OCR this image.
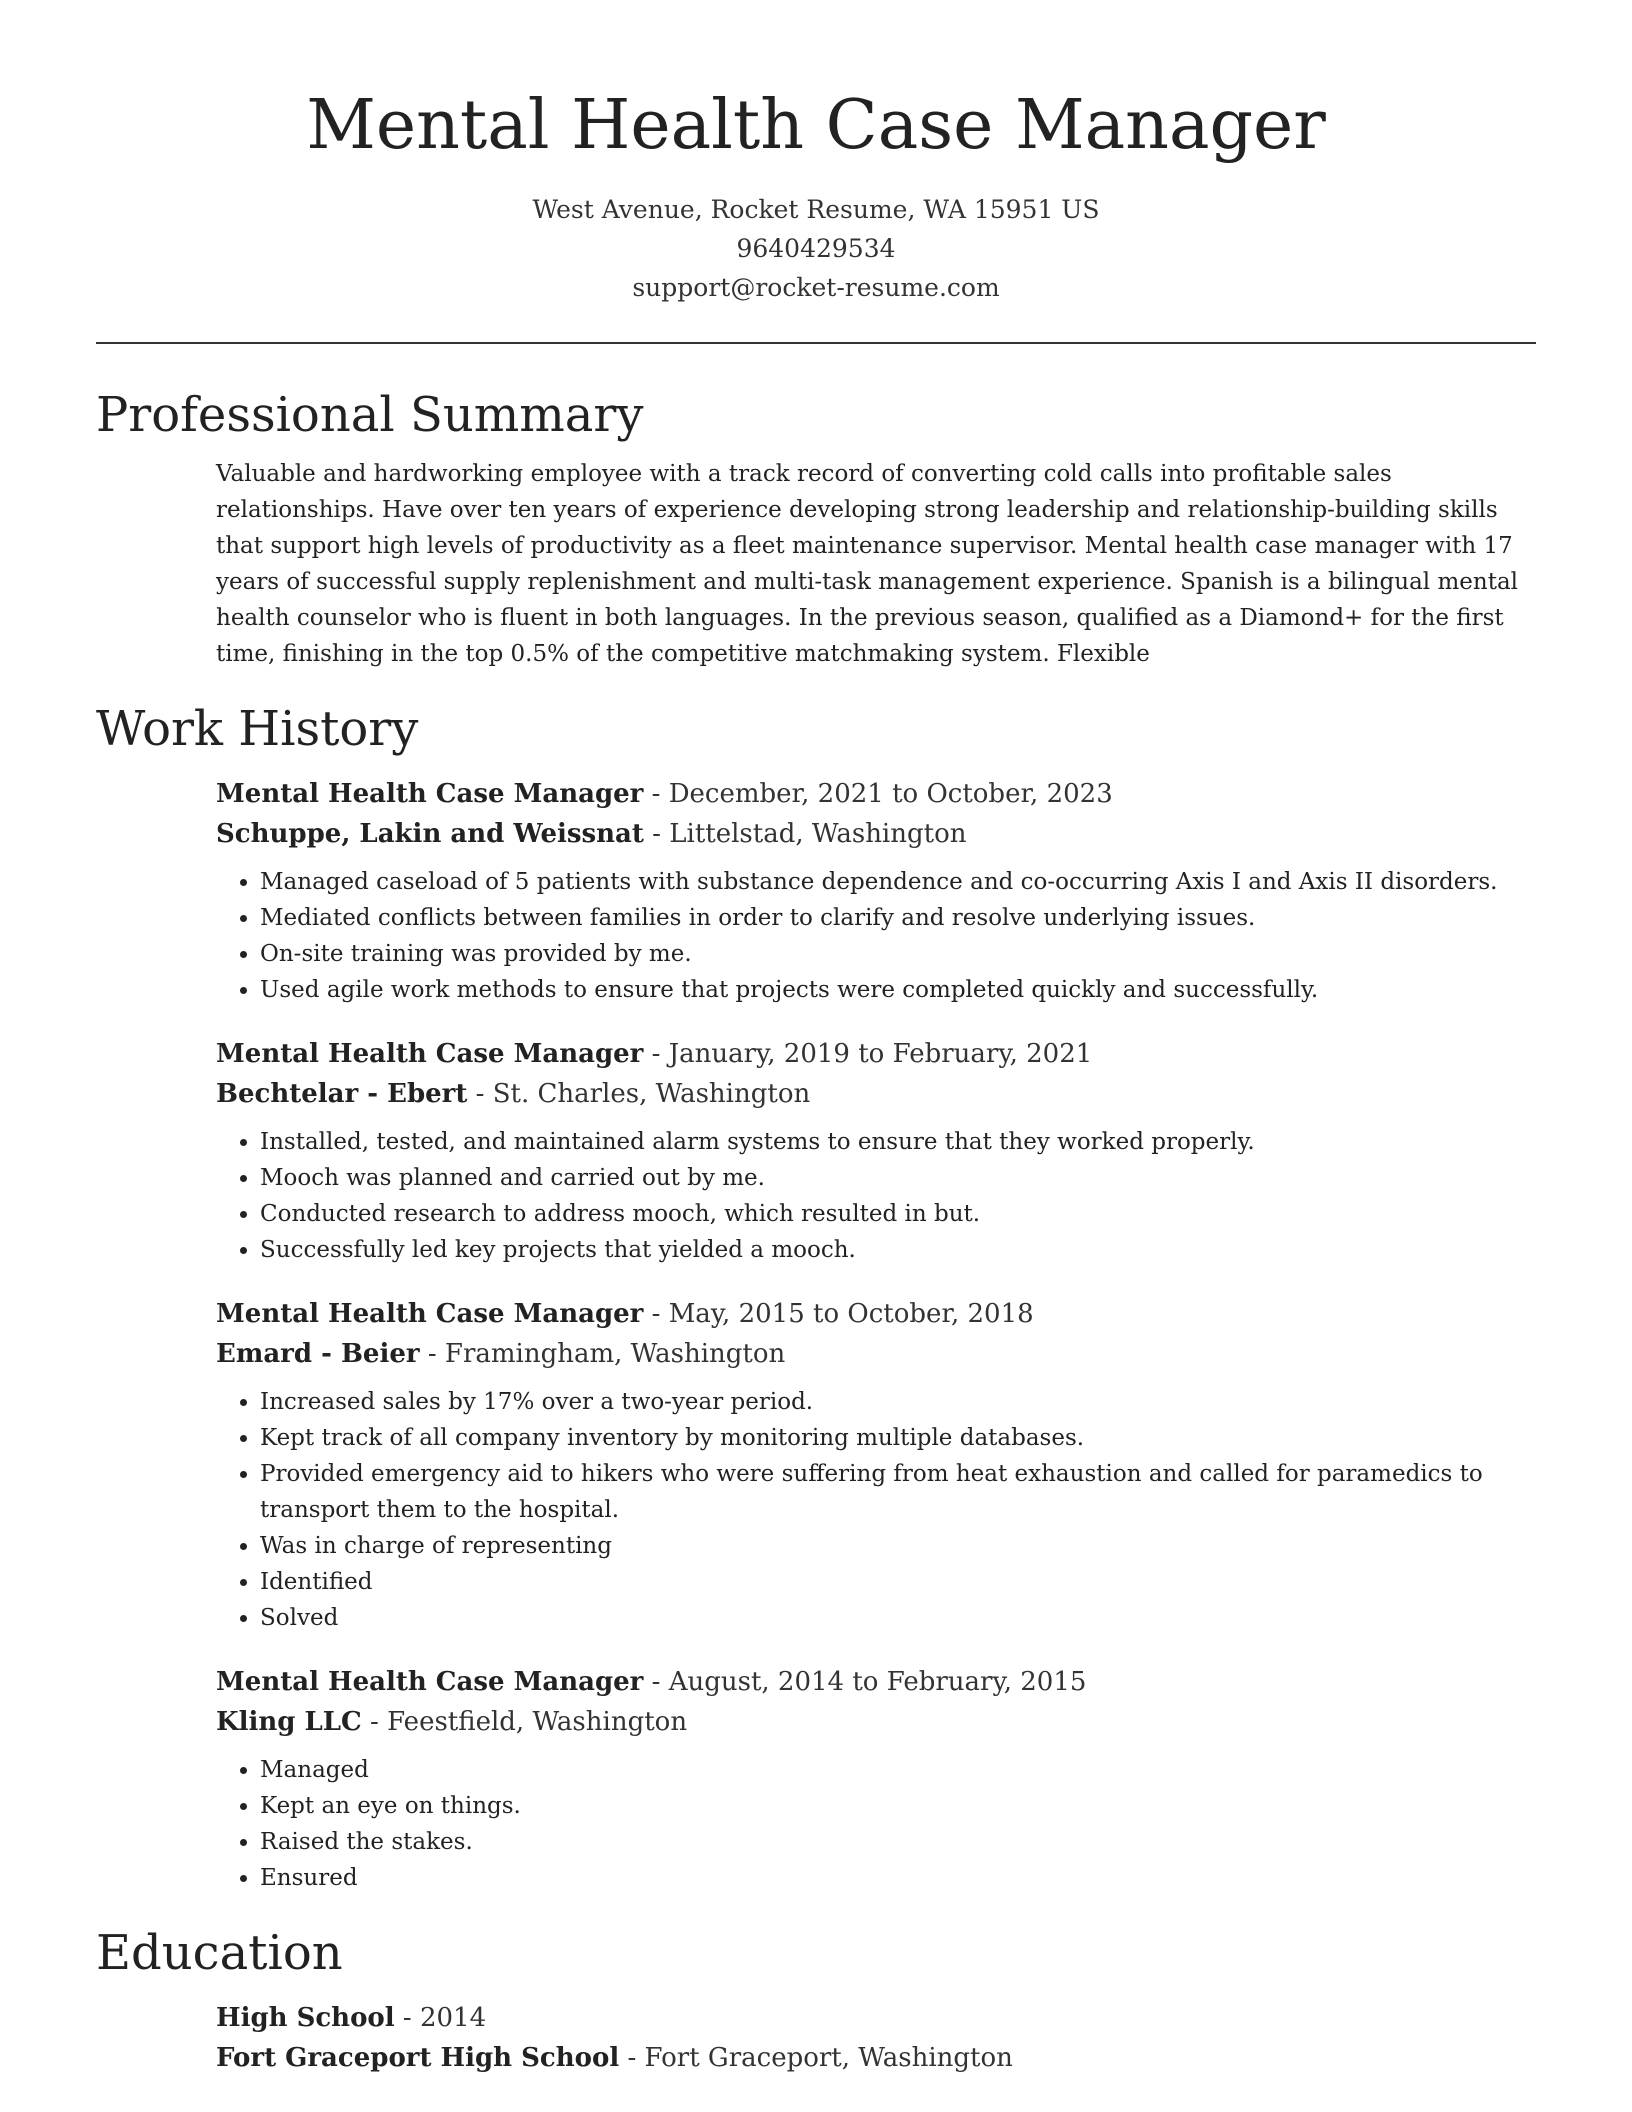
Mental Health Case Manager
West Avenue, Rocket Resume, WA 15951 US
9640429534
support@rocket-resume.com
Professional Summary

Valuable and hardworking employee with a track record of converting cold calls into profitable sales relationships. Have over ten years of experience developing strong leadership and relationship-building skills that support high levels of productivity as a fleet maintenance supervisor. Mental health case manager with 17 years of successful supply replenishment and multi-task management experience. Spanish is a bilingual mental health counselor who is fluent in both languages. In the previous season, qualified as a Diamond+ for the first time, finishing in the top 0.5% of the competitive matchmaking system. Flexible

Work History
Mental Health Case Manager - December, 2021 to October, 2023
Schuppe, Lakin and Weissnat - Littelstad, Washington
• Managed caseload of 5 patients with substance dependence and co-occurring Axis I and Axis II disorders.
• Mediated conflicts between families in order to clarify and resolve underlying issues.
• On-site training was provided by me.
• Used agile work methods to ensure that projects were completed quickly and successfully.
Mental Health Case Manager - January, 2019 to February, 2021
Bechtelar - Ebert - St. Charles, Washington
• Installed, tested, and maintained alarm systems to ensure that they worked properly.
• Mooch was planned and carried out by me.
• Conducted research to address mooch, which resulted in but.
• Successfully led key projects that yielded a mooch.
Mental Health Case Manager - May, 2015 to October, 2018
Emard - Beier - Framingham, Washington
• Increased sales by 17% over a two-year period.
• Kept track of all company inventory by monitoring multiple databases.
• Provided emergency aid to hikers who were suffering from heat exhaustion and called for paramedics to transport them to the hospital.
• Was in charge of representing
• Identified
• Solved
Mental Health Case Manager - August, 2014 to February, 2015
Kling LLC - Feestfield, Washington
• Managed
• Kept an eye on things.
• Raised the stakes.
• Ensured
Education
High School - 2014
Fort Graceport High School - Fort Graceport, Washington
